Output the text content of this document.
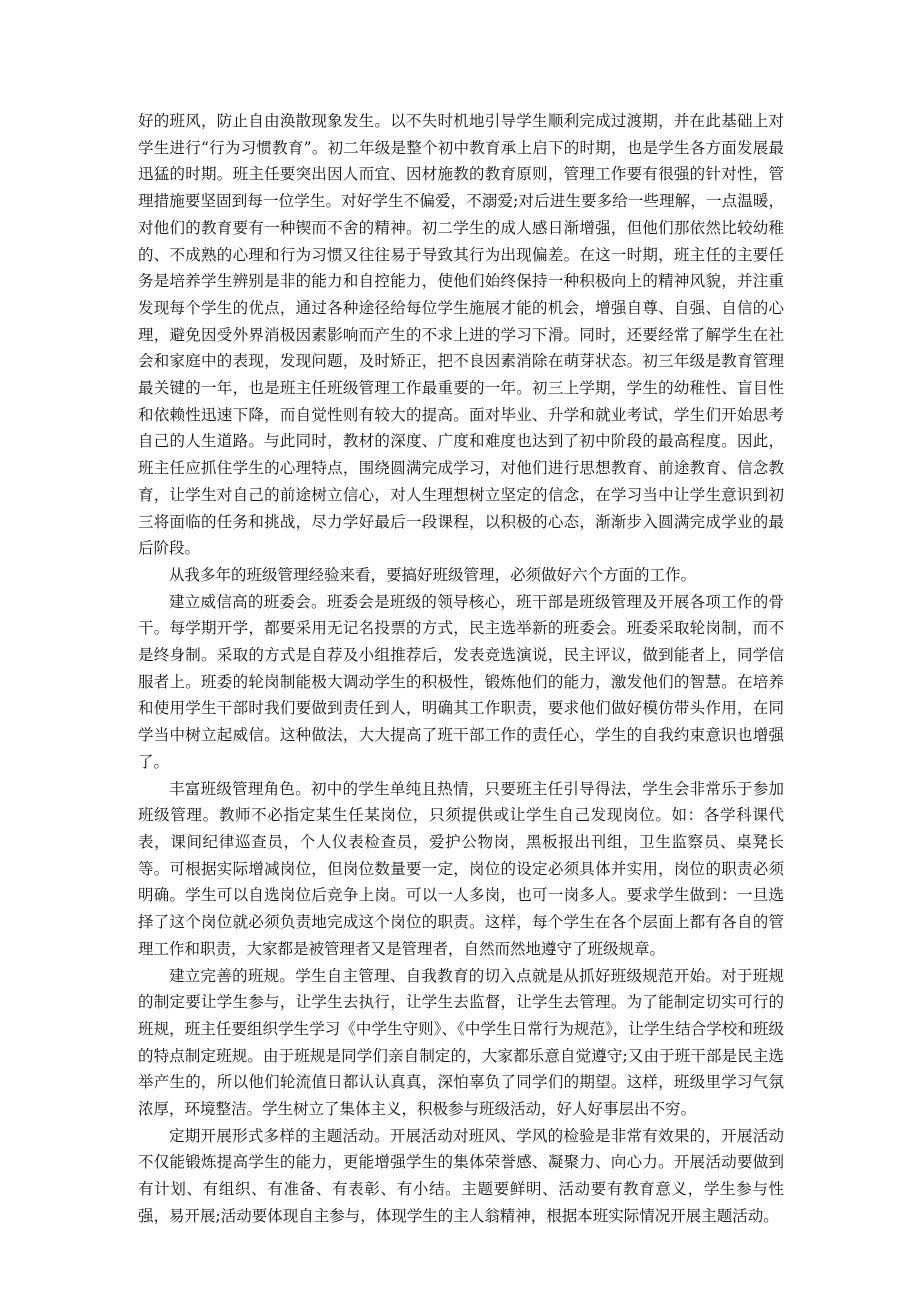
好的班风，防止自由涣散现象发生。以不失时机地引导学生顺利完成过渡期，并在此基础上对学生进行“行为习惯教育”。初二年级是整个初中教育承上启下的时期，也是学生各方面发展最迅猛的时期。班主任要突出因人而宜、因材施教的教育原则，管理工作要有很强的针对性，管理措施要坚固到每一位学生。对好学生不偏爱，不溺爱;对后进生要多给一些理解，一点温暖，对他们的教育要有一种锲而不舍的精神。初二学生的成人感日渐增强，但他们那依然比较幼稚的、不成熟的心理和行为习惯又往往易于导致其行为出现偏差。在这一时期，班主任的主要任务是培养学生辨别是非的能力和自控能力，使他们始终保持一种积极向上的精神风貌，并注重发现每个学生的优点，通过各种途径给每位学生施展才能的机会，增强自尊、自强、自信的心理，避免因受外界消极因素影响而产生的不求上进的学习下滑。同时，还要经常了解学生在社会和家庭中的表现，发现问题，及时矫正，把不良因素消除在萌芽状态。初三年级是教育管理最关键的一年，也是班主任班级管理工作最重要的一年。初三上学期，学生的幼稚性、盲目性和依赖性迅速下降，而自觉性则有较大的提高。面对毕业、升学和就业考试，学生们开始思考自己的人生道路。与此同时，教材的深度、广度和难度也达到了初中阶段的最高程度。因此，班主任应抓住学生的心理特点，围绕圆满完成学习，对他们进行思想教育、前途教育、信念教育，让学生对自己的前途树立信心，对人生理想树立坚定的信念，在学习当中让学生意识到初三将面临的任务和挑战，尽力学好最后一段课程，以积极的心态，渐渐步入圆满完成学业的最后阶段。

从我多年的班级管理经验来看，要搞好班级管理，必须做好六个方面的工作。

建立威信高的班委会。班委会是班级的领导核心，班干部是班级管理及开展各项工作的骨干。每学期开学，都要采用无记名投票的方式，民主选举新的班委会。班委采取轮岗制，而不是终身制。采取的方式是自荐及小组推荐后，发表竞选演说，民主评议，做到能者上，同学信服者上。班委的轮岗制能极大调动学生的积极性，锻炼他们的能力，激发他们的智慧。在培养和使用学生干部时我们要做到责任到人，明确其工作职责，要求他们做好模仿带头作用，在同学当中树立起威信。这种做法，大大提高了班干部工作的责任心，学生的自我约束意识也增强了。

丰富班级管理角色。初中的学生单纯且热情，只要班主任引导得法，学生会非常乐于参加班级管理。教师不必指定某生任某岗位，只须提供或让学生自己发现岗位。如：各学科课代表，课间纪律巡查员，个人仪表检查员，爱护公物岗，黑板报出刊组，卫生监察员、桌凳长等。可根据实际增减岗位，但岗位数量要一定，岗位的设定必须具体并实用，岗位的职责必须明确。学生可以自选岗位后竞争上岗。可以一人多岗，也可一岗多人。要求学生做到：一旦选择了这个岗位就必须负责地完成这个岗位的职责。这样，每个学生在各个层面上都有各自的管理工作和职责，大家都是被管理者又是管理者，自然而然地遵守了班级规章。

建立完善的班规。学生自主管理、自我教育的切入点就是从抓好班级规范开始。对于班规的制定要让学生参与，让学生去执行，让学生去监督，让学生去管理。为了能制定切实可行的班规，班主任要组织学生学习《中学生守则》、《中学生日常行为规范》，让学生结合学校和班级的特点制定班规。由于班规是同学们亲自制定的，大家都乐意自觉遵守;又由于班干部是民主选举产生的，所以他们轮流值日都认认真真，深怕辜负了同学们的期望。这样，班级里学习气氛浓厚，环境整洁。学生树立了集体主义，积极参与班级活动，好人好事层出不穷。

定期开展形式多样的主题活动。开展活动对班风、学风的检验是非常有效果的，开展活动不仅能锻炼提高学生的能力，更能增强学生的集体荣誉感、凝聚力、向心力。开展活动要做到有计划、有组织、有准备、有表彰、有小结。主题要鲜明、活动要有教育意义，学生参与性强，易开展;活动要体现自主参与，体现学生的主人翁精神，根据本班实际情况开展主题活动。
